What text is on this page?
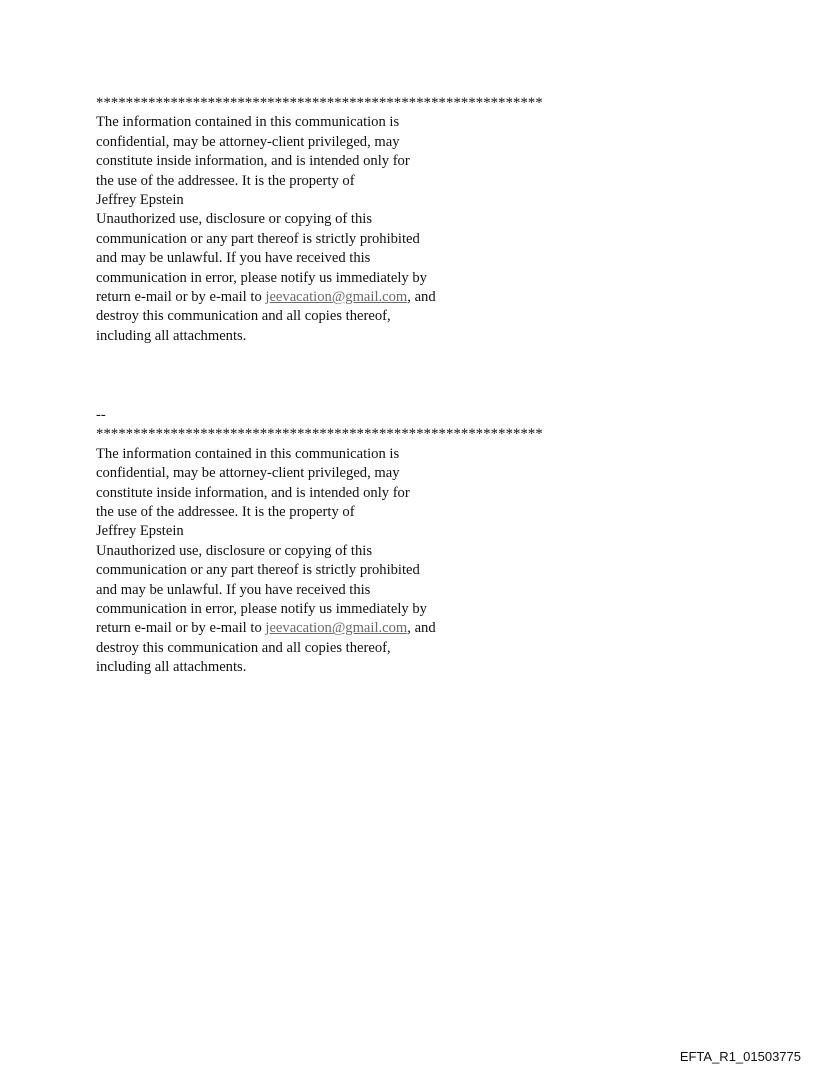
************************************************************
The information contained in this communication is
confidential, may be attorney-client privileged, may
constitute inside information, and is intended only for
the use of the addressee. It is the property of
Jeffrey Epstein
Unauthorized use, disclosure or copying of this
communication or any part thereof is strictly prohibited
and may be unlawful. If you have received this
communication in error, please notify us immediately by
return e-mail or by e-mail to jeevacation@gmail.com, and
destroy this communication and all copies thereof,
including all attachments.
--
************************************************************
The information contained in this communication is
confidential, may be attorney-client privileged, may
constitute inside information, and is intended only for
the use of the addressee. It is the property of
Jeffrey Epstein
Unauthorized use, disclosure or copying of this
communication or any part thereof is strictly prohibited
and may be unlawful. If you have received this
communication in error, please notify us immediately by
return e-mail or by e-mail to jeevacation@gmail.com, and
destroy this communication and all copies thereof,
including all attachments.
EFTA_R1_01503775
